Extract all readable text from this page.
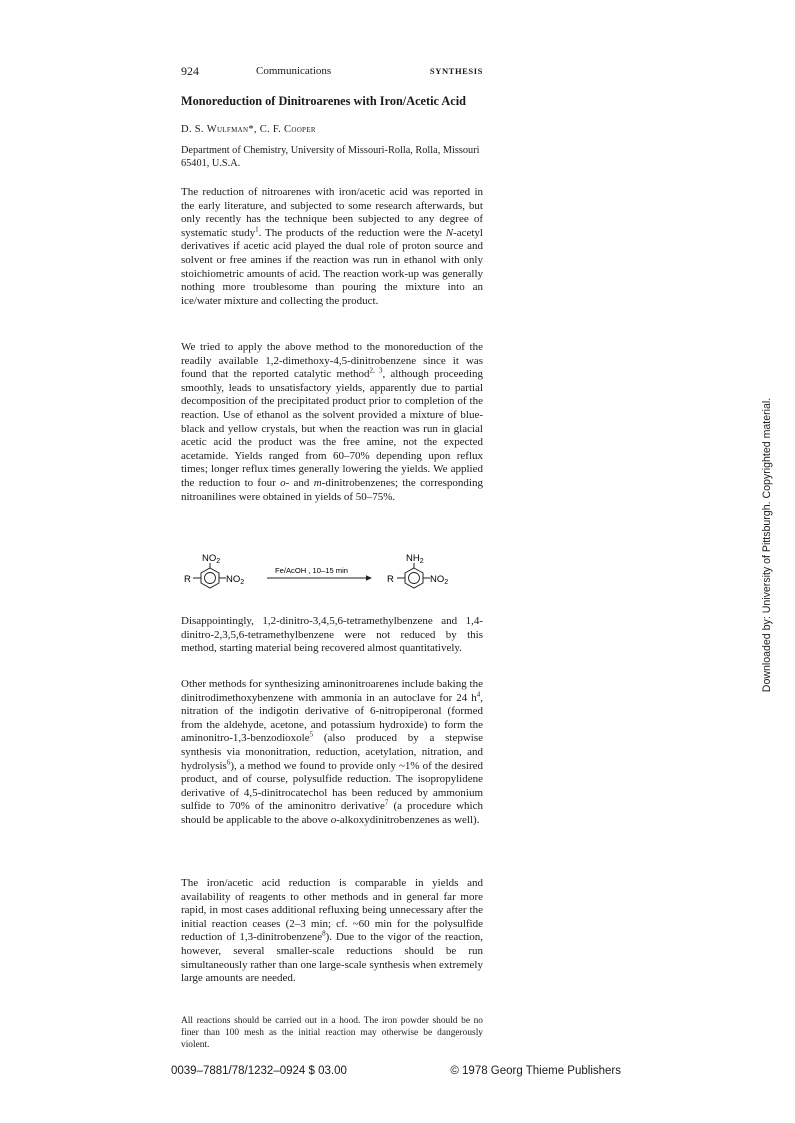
924	Communications	SYNTHESIS
Monoreduction of Dinitroarenes with Iron/Acetic Acid
D. S. Wulfman*, C. F. Cooper
Department of Chemistry, University of Missouri-Rolla, Rolla, Missouri 65401, U.S.A.

The reduction of nitroarenes with iron/acetic acid was reported in the early literature, and subjected to some research afterwards, but only recently has the technique been subjected to any degree of systematic study$^1$. The products of the reduction were the N-acetyl derivatives if acetic acid played the dual role of proton source and solvent or free amines if the reaction was run in ethanol with only stoichiometric amounts of acid. The reaction work-up was generally nothing more troublesome than pouring the mixture into an ice/water mixture and collecting the product.

We tried to apply the above method to the monoreduction of the readily available 1,2-dimethoxy-4,5-dinitrobenzene since it was found that the reported catalytic method$^{2, 3}$, although proceeding smoothly, leads to unsatisfactory yields, apparently due to partial decomposition of the precipitated product prior to completion of the reaction. Use of ethanol as the solvent provided a mixture of blue-black and yellow crystals, but when the reaction was run in glacial acetic acid the product was the free amine, not the expected acetamide. Yields ranged from 60–70% depending upon reflux times; longer reflux times generally lowering the yields. We applied the reduction to four o- and m-dinitrobenzenes; the corresponding nitroanilines were obtained in yields of 50–75%.

$NO_2$
R	$NO_2$
Fe/AcOH , 10–15 min
$NH_2$
R	$NO_2$

Disappointingly, 1,2-dinitro-3,4,5,6-tetramethylbenzene and 1,4-dinitro-2,3,5,6-tetramethylbenzene were not reduced by this method, starting material being recovered almost quantitatively.

Other methods for synthesizing aminonitroarenes include baking the dinitrodimethoxybenzene with ammonia in an autoclave for 24 $h^4$, nitration of the indigotin derivative of 6-nitropiperonal (formed from the aldehyde, acetone, and potassium hydroxide) to form the aminonitro-1,3-benzodioxole$^5$ (also produced by a stepwise synthesis via mononitration, reduction, acetylation, nitration, and hydrolysis$^6$), a method we found to provide only ~1% of the desired product, and of course, polysulfide reduction. The isopropylidene derivative of 4,5-dinitrocatechol has been reduced by ammonium sulfide to 70% of the aminonitro derivative$^7$ (a procedure which should be applicable to the above o-alkoxydinitrobenzenes as well).

The iron/acetic acid reduction is comparable in yields and availability of reagents to other methods and in general far more rapid, in most cases additional refluxing being unnecessary after the initial reaction ceases (2–3 min; cf. ~60 min for the polysulfide reduction of 1,3-dinitrobenzene$^8$). Due to the vigor of the reaction, however, several smaller-scale reductions should be run simultaneously rather than one large-scale synthesis when extremely large amounts are needed.

All reactions should be carried out in a hood. The iron powder should be no finer than 100 mesh as the initial reaction may otherwise be dangerously violent.

0039–7881/78/1232–0924 $ 03.00	© 1978 Georg Thieme Publishers
Downloaded by: University of Pittsburgh. Copyrighted material.
